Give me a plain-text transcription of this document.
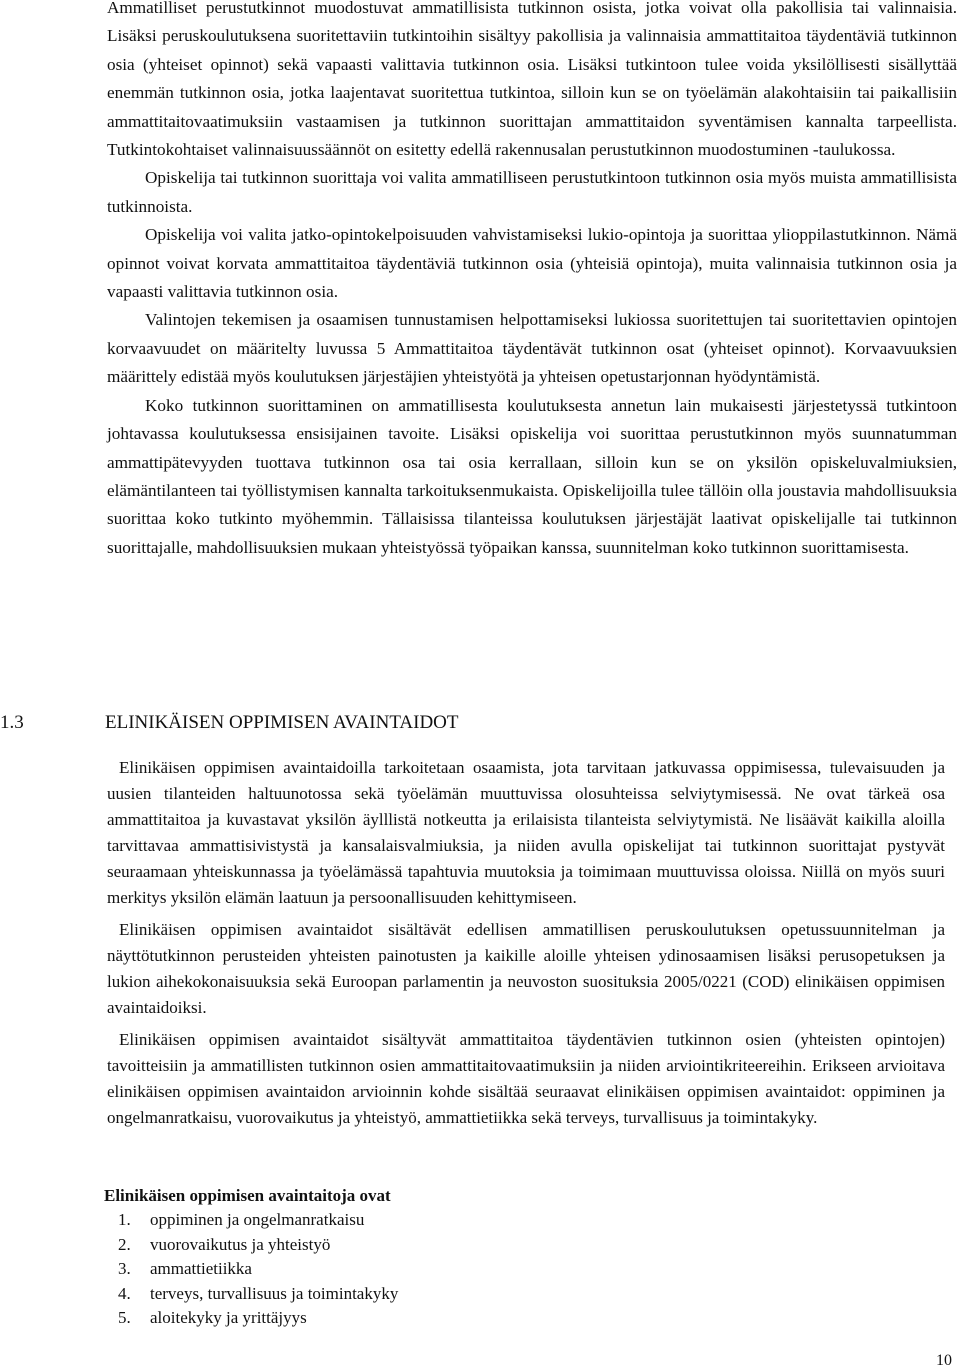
Ammatilliset perustutkinnot muodostuvat ammatillisista tutkinnon osista, jotka voivat olla pakollisia tai valinnaisia. Lisäksi peruskoulutuksena suoritettaviin tutkintoihin sisältyy pakollisia ja valinnaisia ammattitaitoa täydentäviä tutkinnon osia (yhteiset opinnot) sekä vapaasti valittavia tutkinnon osia. Lisäksi tutkintoon tulee voida yksilöllisesti sisällyttää enemmän tutkinnon osia, jotka laajentavat suoritettua tutkintoa, silloin kun se on työelämän alakohtaisiin tai paikallisiin ammattitaitovaatimuksiin vastaamisen ja tutkinnon suorittajan ammattitaidon syventämisen kannalta tarpeellista. Tutkintokohtaiset valinnaisuussäännöt on esitetty edellä rakennusalan perustutkinnon muodostuminen -taulukossa.

Opiskelija tai tutkinnon suorittaja voi valita ammatilliseen perustutkintoon tutkinnon osia myös muista ammatillisista tutkinnoista.

Opiskelija voi valita jatko-opintokelpoisuuden vahvistamiseksi lukio-opintoja ja suorittaa ylioppilastutkinnon. Nämä opinnot voivat korvata ammattitaitoa täydentäviä tutkinnon osia (yhteisiä opintoja), muita valinnaisia tutkinnon osia ja vapaasti valittavia tutkinnon osia.

Valintojen tekemisen ja osaamisen tunnustamisen helpottamiseksi lukiossa suoritettujen tai suoritettavien opintojen korvaavuudet on määritelty luvussa 5 Ammattitaitoa täydentävät tutkinnon osat (yhteiset opinnot). Korvaavuuksien määrittely edistää myös koulutuksen järjestäjien yhteistyötä ja yhteisen opetustarjonnan hyödyntämistä.

Koko tutkinnon suorittaminen on ammatillisesta koulutuksesta annetun lain mukaisesti järjestetyssä tutkintoon johtavassa koulutuksessa ensisijainen tavoite. Lisäksi opiskelija voi suorittaa perustutkinnon myös suunnatumman ammattipätevyyden tuottava tutkinnon osa tai osia kerrallaan, silloin kun se on yksilön opiskeluvalmiuksien, elämäntilanteen tai työllistymisen kannalta tarkoituksenmukaista. Opiskelijoilla tulee tällöin olla joustavia mahdollisuuksia suorittaa koko tutkinto myöhemmin. Tällaisissa tilanteissa koulutuksen järjestäjät laativat opiskelijalle tai tutkinnon suorittajalle, mahdollisuuksien mukaan yhteistyössä työpaikan kanssa, suunnitelman koko tutkinnon suorittamisesta.

1.3	ELINIKÄISEN OPPIMISEN AVAINTAIDOT

Elinikäisen oppimisen avaintaidoilla tarkoitetaan osaamista, jota tarvitaan jatkuvassa oppimisessa, tulevaisuuden ja uusien tilanteiden haltuunotossa sekä työelämän muuttuvissa olosuhteissa selviytymisessä. Ne ovat tärkeä osa ammattitaitoa ja kuvastavat yksilön äylllistä notkeutta ja erilaisista tilanteista selviytymistä. Ne lisäävät kaikilla aloilla tarvittavaa ammattisivistystä ja kansalaisvalmiuksia, ja niiden avulla opiskelijat tai tutkinnon suorittajat pystyvät seuraamaan yhteiskunnassa ja työelämässä tapahtuvia muutoksia ja toimimaan muuttuvissa oloissa. Niillä on myös suuri merkitys yksilön elämän laatuun ja persoonallisuuden kehittymiseen.

Elinikäisen oppimisen avaintaidot sisältävät edellisen ammatillisen peruskoulutuksen opetussuunnitelman ja näyttötutkinnon perusteiden yhteisten painotusten ja kaikille aloille yhteisen ydinosaamisen lisäksi perusopetuksen ja lukion aihekokonaisuuksia sekä Euroopan parlamentin ja neuvoston suosituksia 2005/0221 (COD) elinikäisen oppimisen avaintaidoiksi.

Elinikäisen oppimisen avaintaidot sisältyvät ammattitaitoa täydentävien tutkinnon osien (yhteisten opintojen) tavoitteisiin ja ammatillisten tutkinnon osien ammattitaitovaatimuksiin ja niiden arviointikriteereihin. Erikseen arvioitava elinikäisen oppimisen avaintaidon arvioinnin kohde sisältää seuraavat elinikäisen oppimisen avaintaidot: oppiminen ja ongelmanratkaisu, vuorovaikutus ja yhteistyö, ammattietiikka sekä terveys, turvallisuus ja toimintakyky.

Elinikäisen oppimisen avaintaitoja ovat
1. oppiminen ja ongelmanratkaisu
2. vuorovaikutus ja yhteistyö
3. ammattietiikka
4. terveys, turvallisuus ja toimintakyky
5. aloitekyky ja yrittäjyys
10
